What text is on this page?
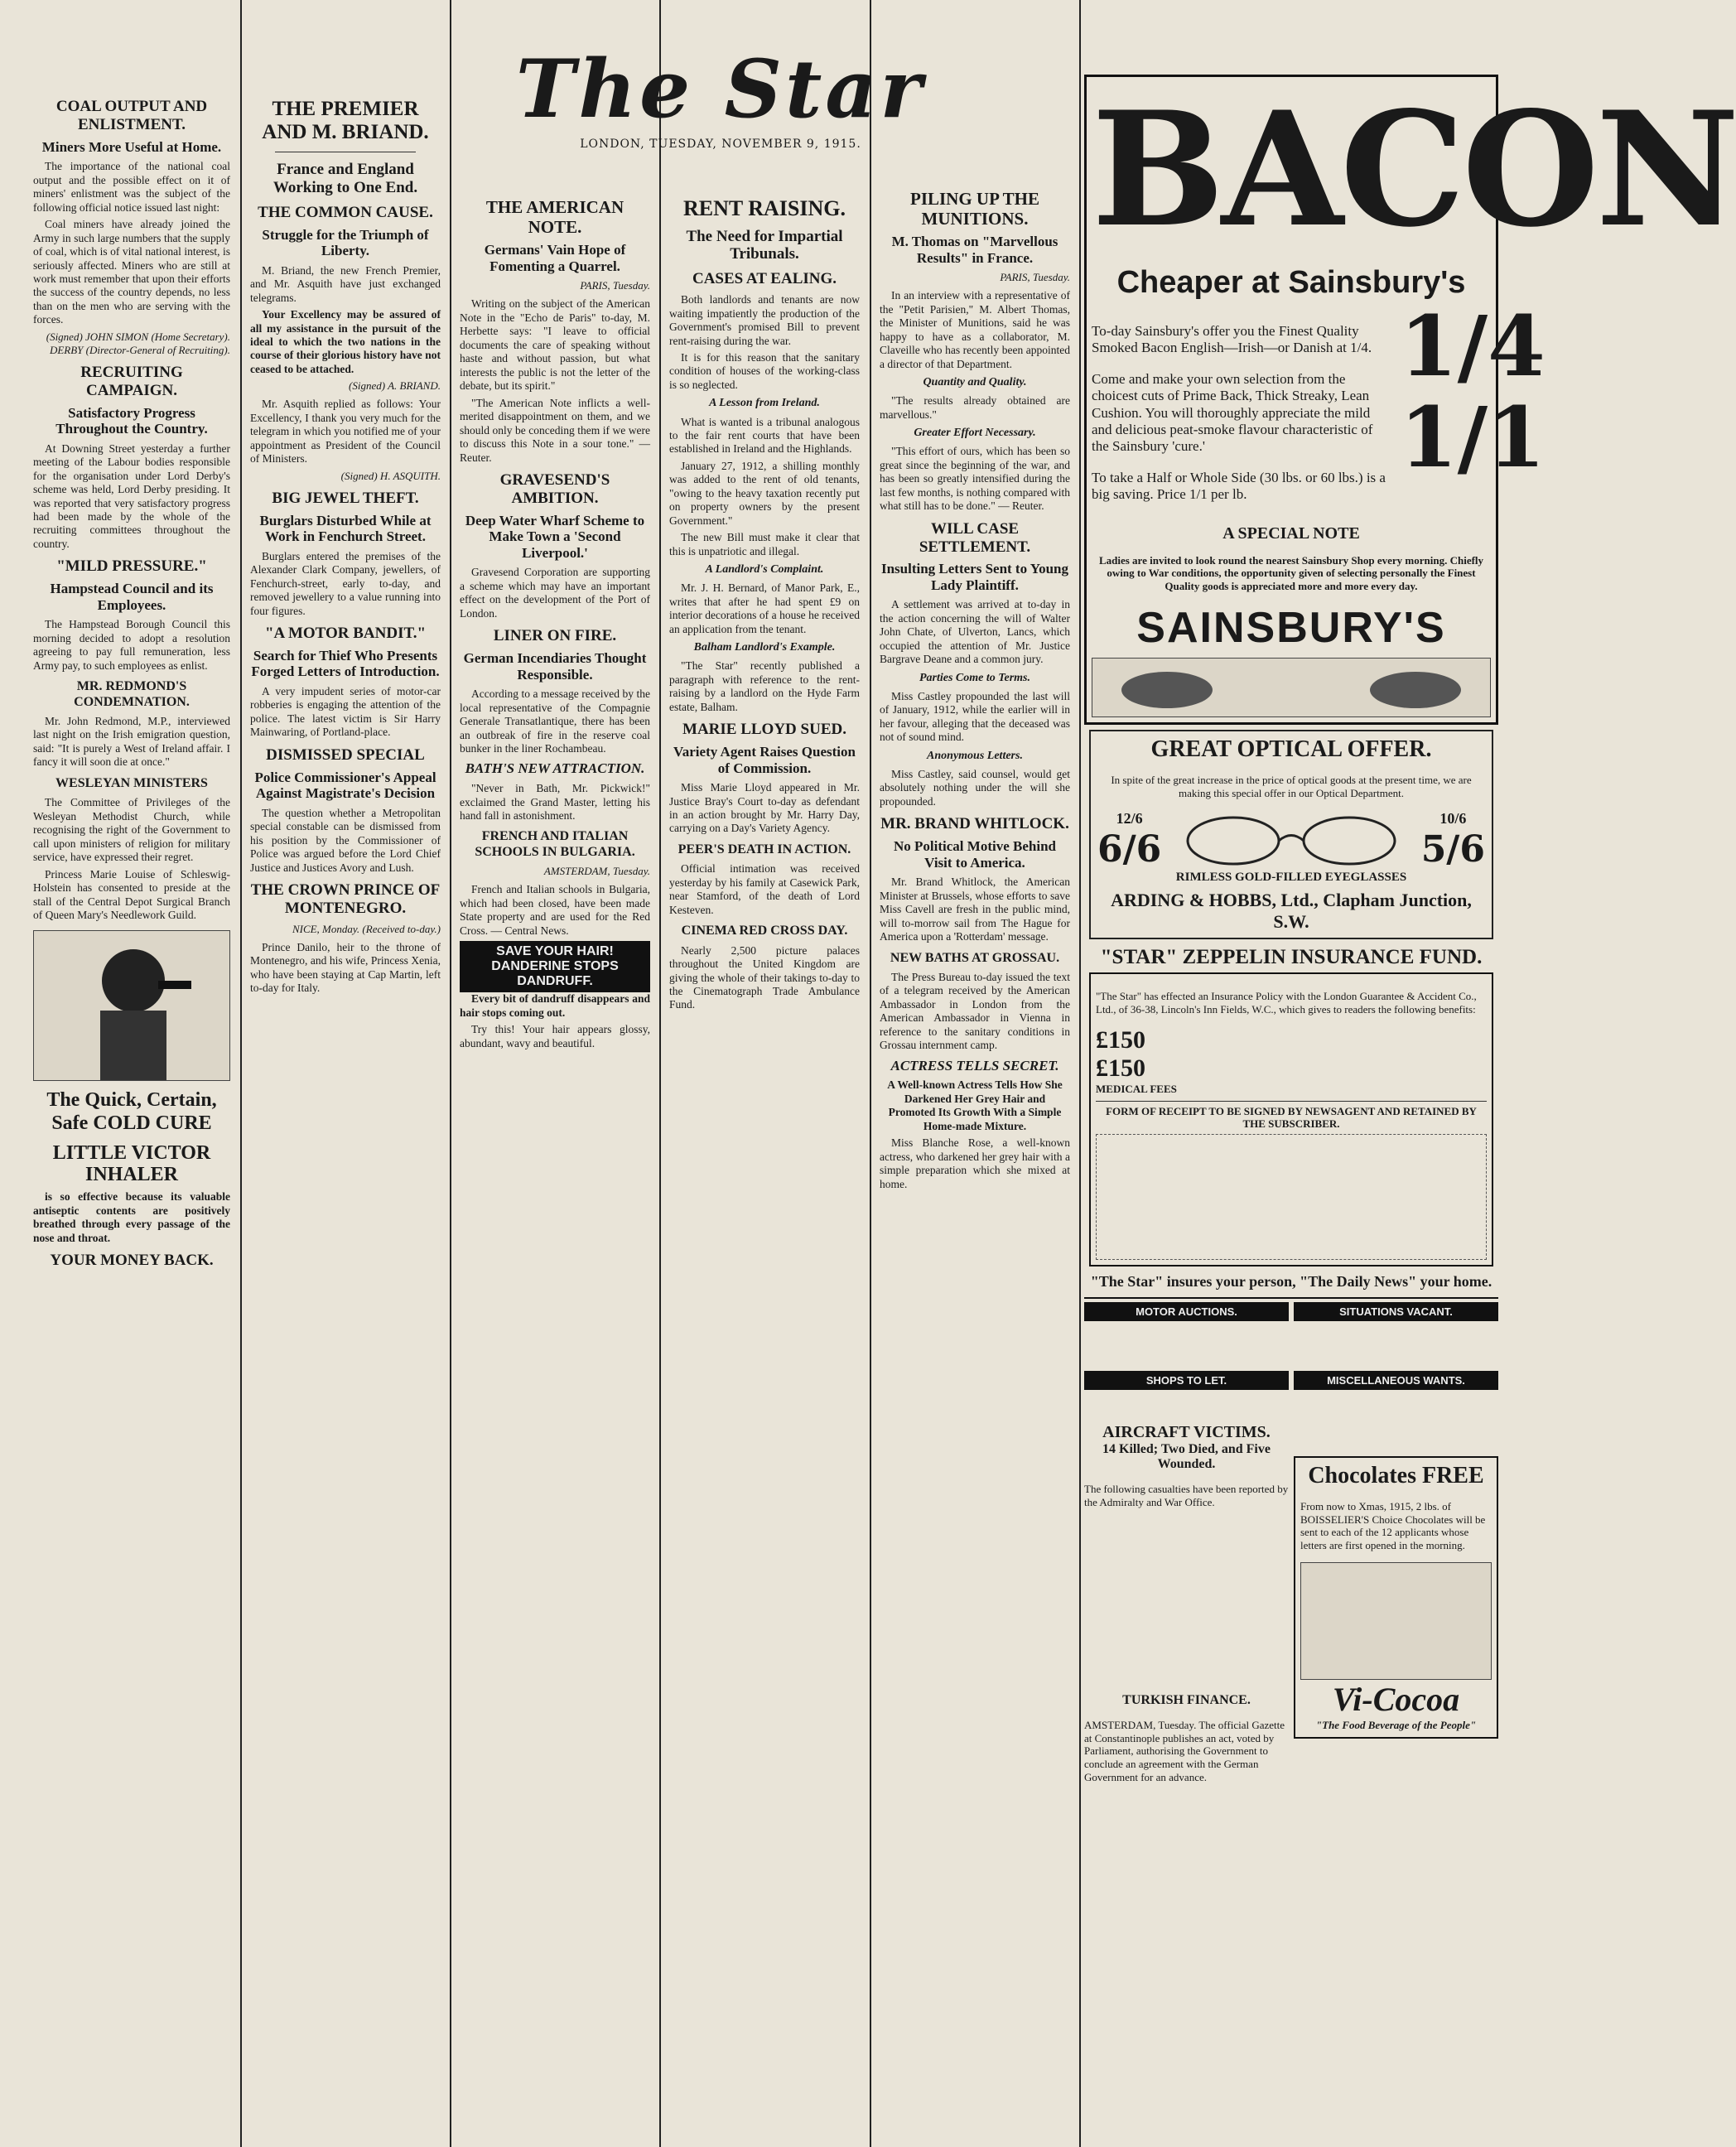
The Star
LONDON, TUESDAY, NOVEMBER 9, 1915.
COAL OUTPUT AND ENLISTMENT.
Miners More Useful at Home.

The importance of the national coal output and the possible effect on it of miners' enlistment was the subject of the following official notice issued last night:

Coal miners have already joined the Army in such large numbers that the supply of coal, which is of vital national interest, is seriously affected. Miners who are still at work must remember that upon their efforts the success of the country depends, no less than on the men who are serving with the forces.

(Signed) JOHN SIMON (Home Secretary). DERBY (Director-General of Recruiting).

RECRUITING CAMPAIGN.
Satisfactory Progress Throughout the Country.

At Downing Street yesterday a further meeting of the Labour bodies responsible for the organisation under Lord Derby's scheme was held, Lord Derby presiding. It was reported that very satisfactory progress had been made by the whole of the recruiting committees throughout the country.

"MILD PRESSURE."
Hampstead Council and its Employees.

The Hampstead Borough Council this morning decided to adopt a resolution agreeing to pay full remuneration, less Army pay, to such employees as enlist.

MR. REDMOND'S CONDEMNATION.

Mr. John Redmond, M.P., interviewed last night on the Irish emigration question, said: "It is purely a West of Ireland affair. I fancy it will soon die at once."

WESLEYAN MINISTERS

The Committee of Privileges of the Wesleyan Methodist Church, while recognising the right of the Government to call upon ministers of religion for military service, have expressed their regret.

Princess Marie Louise of Schleswig-Holstein has consented to preside at the stall of the Central Depot Surgical Branch of Queen Mary's Needlework Guild.

The Quick, Certain, Safe COLD CURE
LITTLE VICTOR INHALER

is so effective because its valuable antiseptic contents are positively breathed through every passage of the nose and throat.

YOUR MONEY BACK.
THE PREMIER AND M. BRIAND.
France and England Working to One End.
THE COMMON CAUSE.
Struggle for the Triumph of Liberty.

M. Briand, the new French Premier, and Mr. Asquith have just exchanged telegrams.

Your Excellency may be assured of all my assistance in the pursuit of the ideal to which the two nations in the course of their glorious history have not ceased to be attached.

(Signed) A. BRIAND.

Mr. Asquith replied as follows: Your Excellency, I thank you very much for the telegram in which you notified me of your appointment as President of the Council of Ministers.

(Signed) H. ASQUITH.

BIG JEWEL THEFT.
Burglars Disturbed While at Work in Fenchurch Street.

Burglars entered the premises of the Alexander Clark Company, jewellers, of Fenchurch-street, early to-day, and removed jewellery to a value running into four figures.

"A MOTOR BANDIT."
Search for Thief Who Presents Forged Letters of Introduction.

A very impudent series of motor-car robberies is engaging the attention of the police. The latest victim is Sir Harry Mainwaring, of Portland-place.

DISMISSED SPECIAL
Police Commissioner's Appeal Against Magistrate's Decision

The question whether a Metropolitan special constable can be dismissed from his position by the Commissioner of Police was argued before the Lord Chief Justice and Justices Avory and Lush.

THE CROWN PRINCE OF MONTENEGRO.

NICE, Monday. (Received to-day.)

Prince Danilo, heir to the throne of Montenegro, and his wife, Princess Xenia, who have been staying at Cap Martin, left to-day for Italy.

THE AMERICAN NOTE.
Germans' Vain Hope of Fomenting a Quarrel.

PARIS, Tuesday.

Writing on the subject of the American Note in the "Echo de Paris" to-day, M. Herbette says: "I leave to official documents the care of speaking without haste and without passion, but what interests the public is not the letter of the debate, but its spirit."

"The American Note inflicts a well-merited disappointment on them, and we should only be conceding them if we were to discuss this Note in a sour tone." — Reuter.

GRAVESEND'S AMBITION.
Deep Water Wharf Scheme to Make Town a 'Second Liverpool.'

Gravesend Corporation are supporting a scheme which may have an important effect on the development of the Port of London.

LINER ON FIRE.
German Incendiaries Thought Responsible.

According to a message received by the local representative of the Compagnie Generale Transatlantique, there has been an outbreak of fire in the reserve coal bunker in the liner Rochambeau.

BATH'S NEW ATTRACTION.

"Never in Bath, Mr. Pickwick!" exclaimed the Grand Master, letting his hand fall in astonishment.

FRENCH AND ITALIAN SCHOOLS IN BULGARIA.

AMSTERDAM, Tuesday.

French and Italian schools in Bulgaria, which had been closed, have been made State property and are used for the Red Cross. — Central News.

SAVE YOUR HAIR! DANDERINE STOPS DANDRUFF.

Every bit of dandruff disappears and hair stops coming out.

Try this! Your hair appears glossy, abundant, wavy and beautiful.

RENT RAISING.
The Need for Impartial Tribunals.
CASES AT EALING.

Both landlords and tenants are now waiting impatiently the production of the Government's promised Bill to prevent rent-raising during the war.

It is for this reason that the sanitary condition of houses of the working-class is so neglected.

A Lesson from Ireland.

What is wanted is a tribunal analogous to the fair rent courts that have been established in Ireland and the Highlands.

January 27, 1912, a shilling monthly was added to the rent of old tenants, "owing to the heavy taxation recently put on property owners by the present Government."

The new Bill must make it clear that this is unpatriotic and illegal.

A Landlord's Complaint.

Mr. J. H. Bernard, of Manor Park, E., writes that after he had spent £9 on interior decorations of a house he received an application from the tenant.

Balham Landlord's Example.

"The Star" recently published a paragraph with reference to the rent-raising by a landlord on the Hyde Farm estate, Balham.

MARIE LLOYD SUED.
Variety Agent Raises Question of Commission.

Miss Marie Lloyd appeared in Mr. Justice Bray's Court to-day as defendant in an action brought by Mr. Harry Day, carrying on a Day's Variety Agency.

PEER'S DEATH IN ACTION.

Official intimation was received yesterday by his family at Casewick Park, near Stamford, of the death of Lord Kesteven.

CINEMA RED CROSS DAY.

Nearly 2,500 picture palaces throughout the United Kingdom are giving the whole of their takings to-day to the Cinematograph Trade Ambulance Fund.

PILING UP THE MUNITIONS.
M. Thomas on "Marvellous Results" in France.

PARIS, Tuesday.

In an interview with a representative of the "Petit Parisien," M. Albert Thomas, the Minister of Munitions, said he was happy to have as a collaborator, M. Claveille who has recently been appointed a director of that Department.

Quantity and Quality.

"The results already obtained are marvellous."

Greater Effort Necessary.

"This effort of ours, which has been so great since the beginning of the war, and has been so greatly intensified during the last few months, is nothing compared with what still has to be done." — Reuter.

WILL CASE SETTLEMENT.
Insulting Letters Sent to Young Lady Plaintiff.

A settlement was arrived at to-day in the action concerning the will of Walter John Chate, of Ulverton, Lancs, which occupied the attention of Mr. Justice Bargrave Deane and a common jury.

Parties Come to Terms.

Miss Castley propounded the last will of January, 1912, while the earlier will in her favour, alleging that the deceased was not of sound mind.

Anonymous Letters.

Miss Castley, said counsel, would get absolutely nothing under the will she propounded.

MR. BRAND WHITLOCK.
No Political Motive Behind Visit to America.

Mr. Brand Whitlock, the American Minister at Brussels, whose efforts to save Miss Cavell are fresh in the public mind, will to-morrow sail from The Hague for America upon a 'Rotterdam' message.

NEW BATHS AT GROSSAU.

The Press Bureau to-day issued the text of a telegram received by the American Ambassador in London from the American Ambassador in Vienna in reference to the sanitary conditions in Grossau internment camp.

ACTRESS TELLS SECRET.

A Well-known Actress Tells How She Darkened Her Grey Hair and Promoted Its Growth With a Simple Home-made Mixture.

Miss Blanche Rose, a well-known actress, who darkened her grey hair with a simple preparation which she mixed at home.

BACON
Cheaper at Sainsbury's

To-day Sainsbury's offer you the Finest Quality Smoked Bacon English—Irish—or Danish at 1/4.

Come and make your own selection from the choicest cuts of Prime Back, Thick Streaky, Lean Cushion. You will thoroughly appreciate the mild and delicious peat-smoke flavour characteristic of the Sainsbury 'cure.'

To take a Half or Whole Side (30 lbs. or 60 lbs.) is a big saving. Price 1/1 per lb.

1/4
1/1
A SPECIAL NOTE

Ladies are invited to look round the nearest Sainsbury Shop every morning. Chiefly owing to War conditions, the opportunity given of selecting personally the Finest Quality goods is appreciated more and more every day.

SAINSBURY'S
GREAT OPTICAL OFFER.

In spite of the great increase in the price of optical goods at the present time, we are making this special offer in our Optical Department.

12/6
6/6
10/6
5/6
RIMLESS GOLD-FILLED EYEGLASSES
ARDING & HOBBS, Ltd., Clapham Junction, S.W.
"STAR" ZEPPELIN INSURANCE FUND.

"The Star" has effected an Insurance Policy with the London Guarantee & Accident Co., Ltd., of 36-38, Lincoln's Inn Fields, W.C., which gives to readers the following benefits:

£150
£150
MEDICAL FEES
FORM OF RECEIPT TO BE SIGNED BY NEWSAGENT AND RETAINED BY THE SUBSCRIBER.
"The Star" insures your person, "The Daily News" your home.
MOTOR AUCTIONS.
SHOPS TO LET.
AIRCRAFT VICTIMS.
14 Killed; Two Died, and Five Wounded.

The following casualties have been reported by the Admiralty and War Office.

TURKISH FINANCE.

AMSTERDAM, Tuesday. The official Gazette at Constantinople publishes an act, voted by Parliament, authorising the Government to conclude an agreement with the German Government for an advance.

SITUATIONS VACANT.
MISCELLANEOUS WANTS.
Chocolates FREE

From now to Xmas, 1915, 2 lbs. of BOISSELIER'S Choice Chocolates will be sent to each of the 12 applicants whose letters are first opened in the morning.

Vi-Cocoa
"The Food Beverage of the People"
